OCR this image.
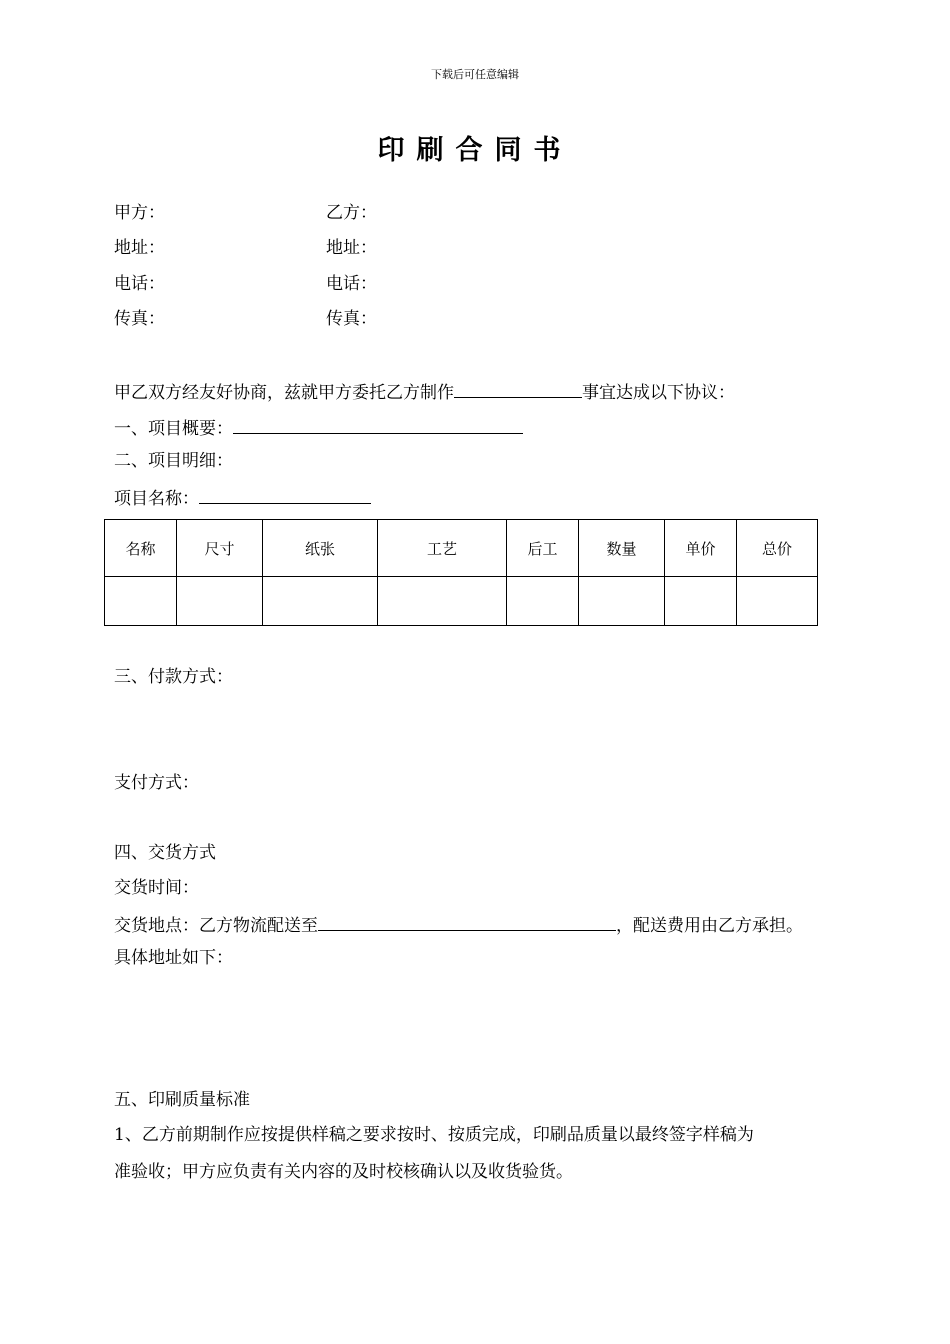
下载后可任意编辑
印刷合同书
甲方：	乙方：
地址：	地址：
电话：	电话：
传真：	传真：
甲乙双方经友好协商，兹就甲方委托乙方制作	事宜达成以下协议：
一、项目概要：
二、项目明细：
项目名称：
名称	尺寸	纸张	工艺	后工	数量	单价	总价

三、付款方式：
支付方式：
四、交货方式
交货时间：
交货地点：乙方物流配送至	，配送费用由乙方承担。
具体地址如下：
五、印刷质量标准
1、乙方前期制作应按提供样稿之要求按时、按质完成，印刷品质量以最终签字样稿为
准验收；甲方应负责有关内容的及时校核确认以及收货验货。
